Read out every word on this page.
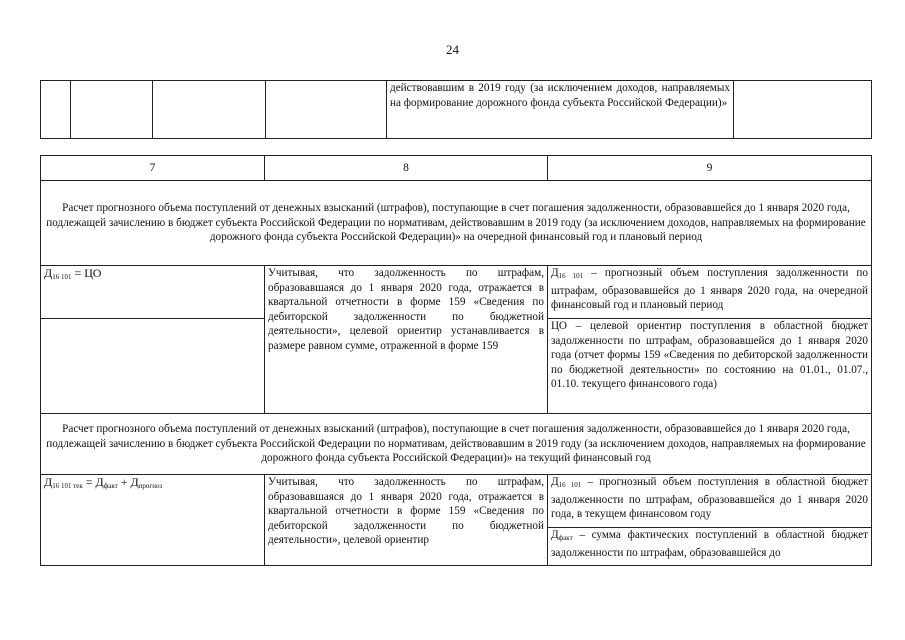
24
				действовавшим в 2019 году (за исключением доходов, направляемых на формирование дорожного фонда субъекта Российской Федерации)»	
7	8	9
Расчет прогнозного объема поступлений от денежных взысканий (штрафов), поступающие в счет погашения задолженности, образовавшейся до 1 января 2020 года, подлежащей зачислению в бюджет субъекта Российской Федерации по нормативам, действовавшим в 2019 году (за исключением доходов, направляемых на формирование дорожного фонда субъекта Российской Федерации)» на очередной финансовый год и плановый период		
$Д_{16 101}$ = ЦО	Учитывая, что задолженность по штрафам, образовавшаяся до 1 января 2020 года, отражается в квартальной отчетности в форме 159 «Сведения по дебиторской задолженности по бюджетной деятельности», целевой ориентир устанавливается в размере равном сумме, отраженной в форме 159	$Д_{16 101}$ – прогнозный объем поступления задолженности по штрафам, образовавшейся до 1 января 2020 года, на очередной финансовый год и плановый период
		ЦО – целевой ориентир поступления в областной бюджет задолженности по штрафам, образовавшейся до 1 января 2020 года (отчет формы 159 «Сведения по дебиторской задолженности по бюджетной деятельности» по состоянию на 01.01., 01.07., 01.10. текущего финансового года)
Расчет прогнозного объема поступлений от денежных взысканий (штрафов), поступающие в счет погашения задолженности, образовавшейся до 1 января 2020 года, подлежащей зачислению в бюджет субъекта Российской Федерации по нормативам, действовавшим в 2019 году (за исключением доходов, направляемых на формирование дорожного фонда субъекта Российской Федерации)» на текущий финансовый год		
$Д_{16 101 тек} = Д_{факт} + Д_{прогноз}$	Учитывая, что задолженность по штрафам, образовавшаяся до 1 января 2020 года, отражается в квартальной отчетности в форме 159 «Сведения по дебиторской задолженности по бюджетной деятельности», целевой ориентир	$Д_{16 101}$ – прогнозный объем поступления в областной бюджет задолженности по штрафам, образовавшейся до 1 января 2020 года, в текущем финансовом году
		$Д_{факт}$ – сумма фактических поступлений в областной бюджет задолженности по штрафам, образовавшейся до
